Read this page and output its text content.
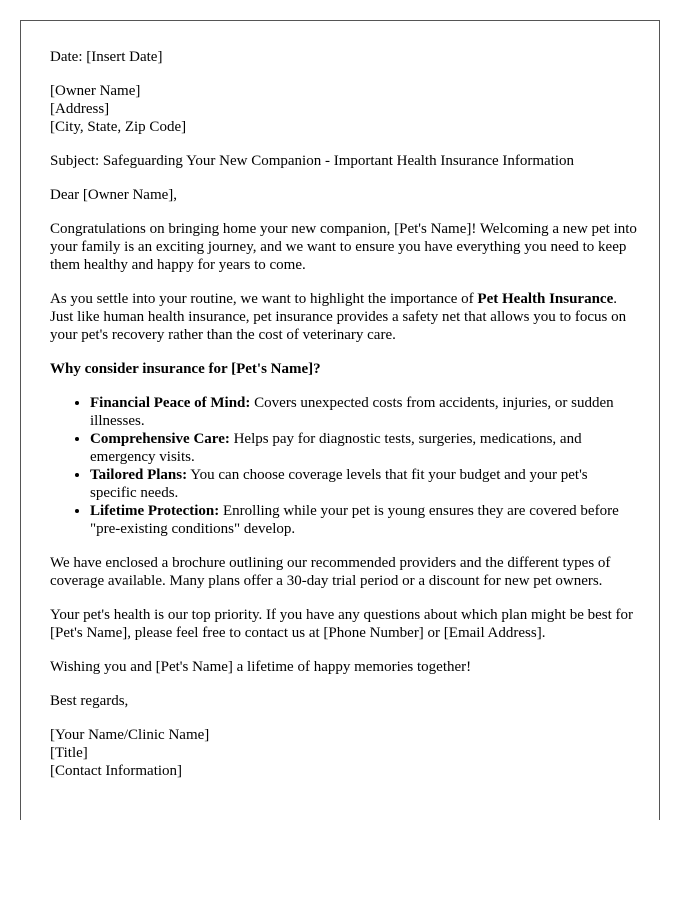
Date: [Insert Date]

[Owner Name]
[Address]
[City, State, Zip Code]

Subject: Safeguarding Your New Companion - Important Health Insurance Information

Dear [Owner Name],

Congratulations on bringing home your new companion, [Pet's Name]! Welcoming a new pet into your family is an exciting journey, and we want to ensure you have everything you need to keep them healthy and happy for years to come.

As you settle into your routine, we want to highlight the importance of Pet Health Insurance. Just like human health insurance, pet insurance provides a safety net that allows you to focus on your pet's recovery rather than the cost of veterinary care.

Why consider insurance for [Pet's Name]?

• Financial Peace of Mind: Covers unexpected costs from accidents, injuries, or sudden illnesses.
• Comprehensive Care: Helps pay for diagnostic tests, surgeries, medications, and emergency visits.
• Tailored Plans: You can choose coverage levels that fit your budget and your pet's specific needs.
• Lifetime Protection: Enrolling while your pet is young ensures they are covered before "pre-existing conditions" develop.

We have enclosed a brochure outlining our recommended providers and the different types of coverage available. Many plans offer a 30-day trial period or a discount for new pet owners.

Your pet's health is our top priority. If you have any questions about which plan might be best for [Pet's Name], please feel free to contact us at [Phone Number] or [Email Address].

Wishing you and [Pet's Name] a lifetime of happy memories together!

Best regards,

[Your Name/Clinic Name]
[Title]
[Contact Information]
